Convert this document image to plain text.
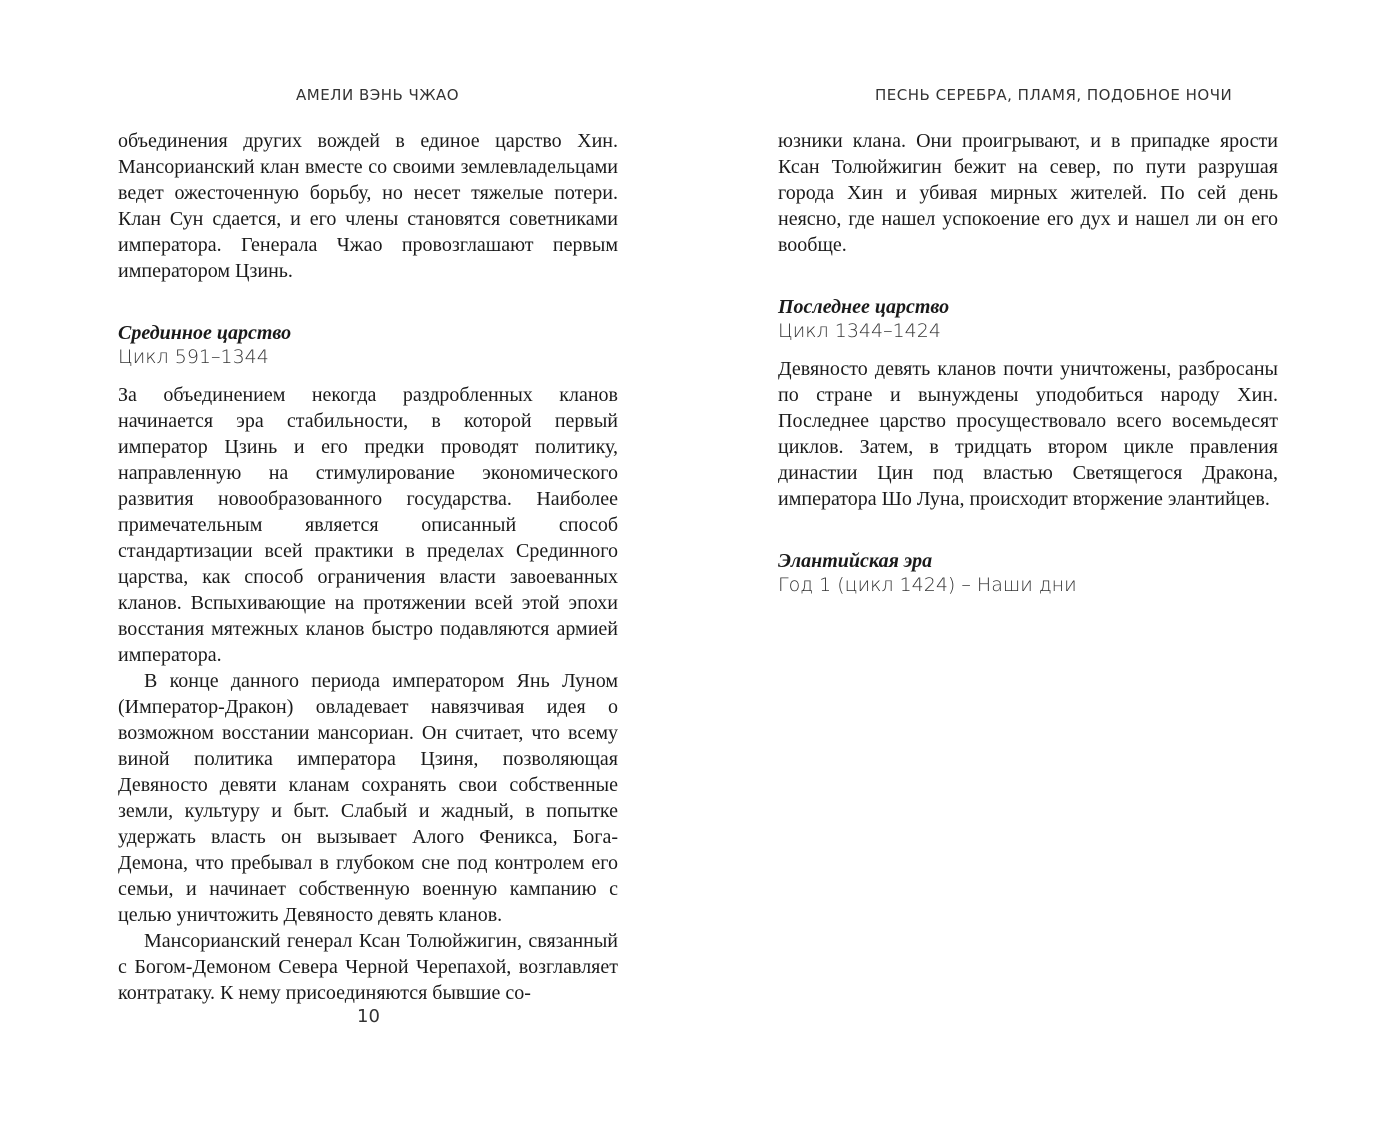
АМЕЛИ ВЭНЬ ЧЖАО

объединения других вождей в единое царство Хин. Мансорианский клан вместе со своими землевладельцами ведет ожесточенную борьбу, но несет тяжелые потери. Клан Сун сдается, и его члены становятся советниками императора. Генерала Чжао провозглашают первым императором Цзинь.

Срединное царство
Цикл 591–1344

За объединением некогда раздробленных кланов начинается эра стабильности, в которой первый император Цзинь и его предки проводят политику, направленную на стимулирование экономического развития новообразованного государства. Наиболее примечательным является описанный способ стандартизации всей практики в пределах Срединного царства, как способ ограничения власти завоеванных кланов. Вспыхивающие на протяжении всей этой эпохи восстания мятежных кланов быстро подавляются армией императора.

В конце данного периода императором Янь Луном (Император-Дракон) овладевает навязчивая идея о возможном восстании мансориан. Он считает, что всему виной политика императора Цзиня, позволяющая Девяносто девяти кланам сохранять свои собственные земли, культуру и быт. Слабый и жадный, в попытке удержать власть он вызывает Алого Феникса, Бога-Демона, что пребывал в глубоком сне под контролем его семьи, и начинает собственную военную кампанию с целью уничтожить Девяносто девять кланов.

Мансорианский генерал Ксан Толюйжигин, связанный с Богом-Демоном Севера Черной Черепахой, возглавляет контратаку. К нему присоединяются бывшие со-

10
ПЕСНЬ СЕРЕБРА, ПЛАМЯ, ПОДОБНОЕ НОЧИ

юзники клана. Они проигрывают, и в припадке ярости Ксан Толюйжигин бежит на север, по пути разрушая города Хин и убивая мирных жителей. По сей день неясно, где нашел успокоение его дух и нашел ли он его вообще.

Последнее царство
Цикл 1344–1424

Девяносто девять кланов почти уничтожены, разбросаны по стране и вынуждены уподобиться народу Хин. Последнее царство просуществовало всего восемьдесят циклов. Затем, в тридцать втором цикле правления династии Цин под властью Светящегося Дракона, императора Шо Луна, происходит вторжение элантийцев.

Элантийская эра
Год 1 (цикл 1424) – Наши дни
